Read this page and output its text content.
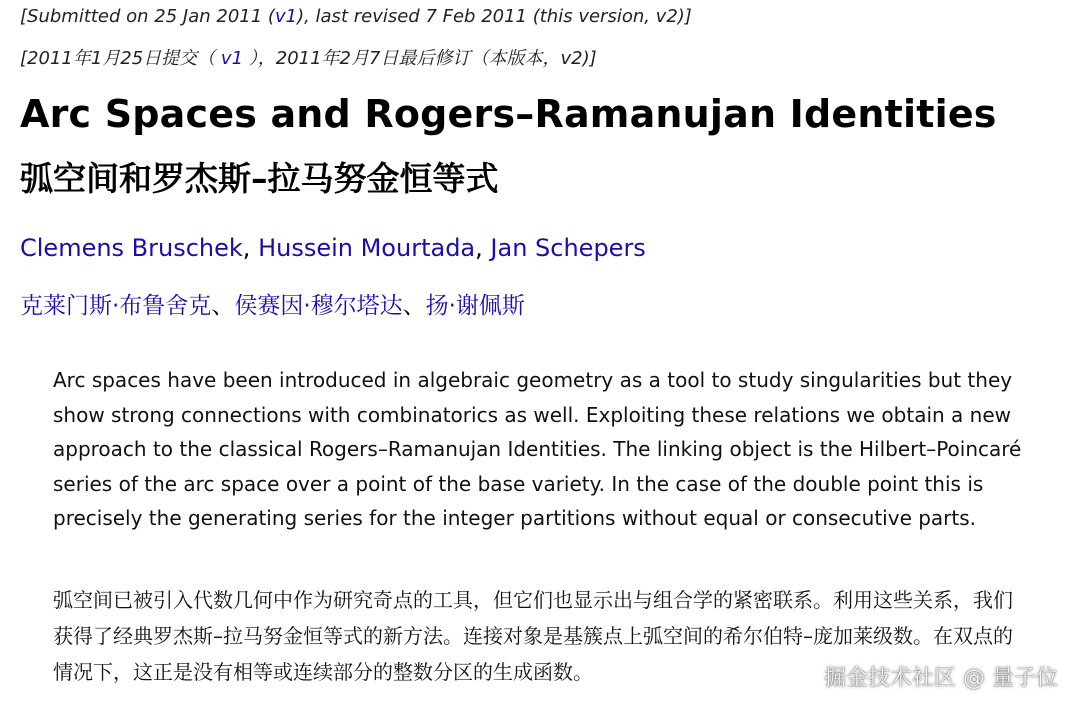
[Submitted on 25 Jan 2011 (v1), last revised 7 Feb 2011 (this version, v2)]
[2011年1月25日提交（ v1 ），2011年2月7日最后修订（本版本，v2)]
Arc Spaces and Rogers–Ramanujan Identities
弧空间和罗杰斯–拉马努金恒等式
Clemens Bruschek, Hussein Mourtada, Jan Schepers
克莱门斯·布鲁舍克、侯赛因·穆尔塔达、扬·谢佩斯

Arc spaces have been introduced in algebraic geometry as a tool to study singularities but they show strong connections with combinatorics as well. Exploiting these relations we obtain a new approach to the classical Rogers–Ramanujan Identities. The linking object is the Hilbert–Poincaré series of the arc space over a point of the base variety. In the case of the double point this is precisely the generating series for the integer partitions without equal or consecutive parts.

弧空间已被引入代数几何中作为研究奇点的工具，但它们也显示出与组合学的紧密联系。利用这些关系，我们获得了经典罗杰斯–拉马努金恒等式的新方法。连接对象是基簇点上弧空间的希尔伯特–庞加莱级数。在双点的情况下，这正是没有相等或连续部分的整数分区的生成函数。	掘金技术社区 @ 量子位
